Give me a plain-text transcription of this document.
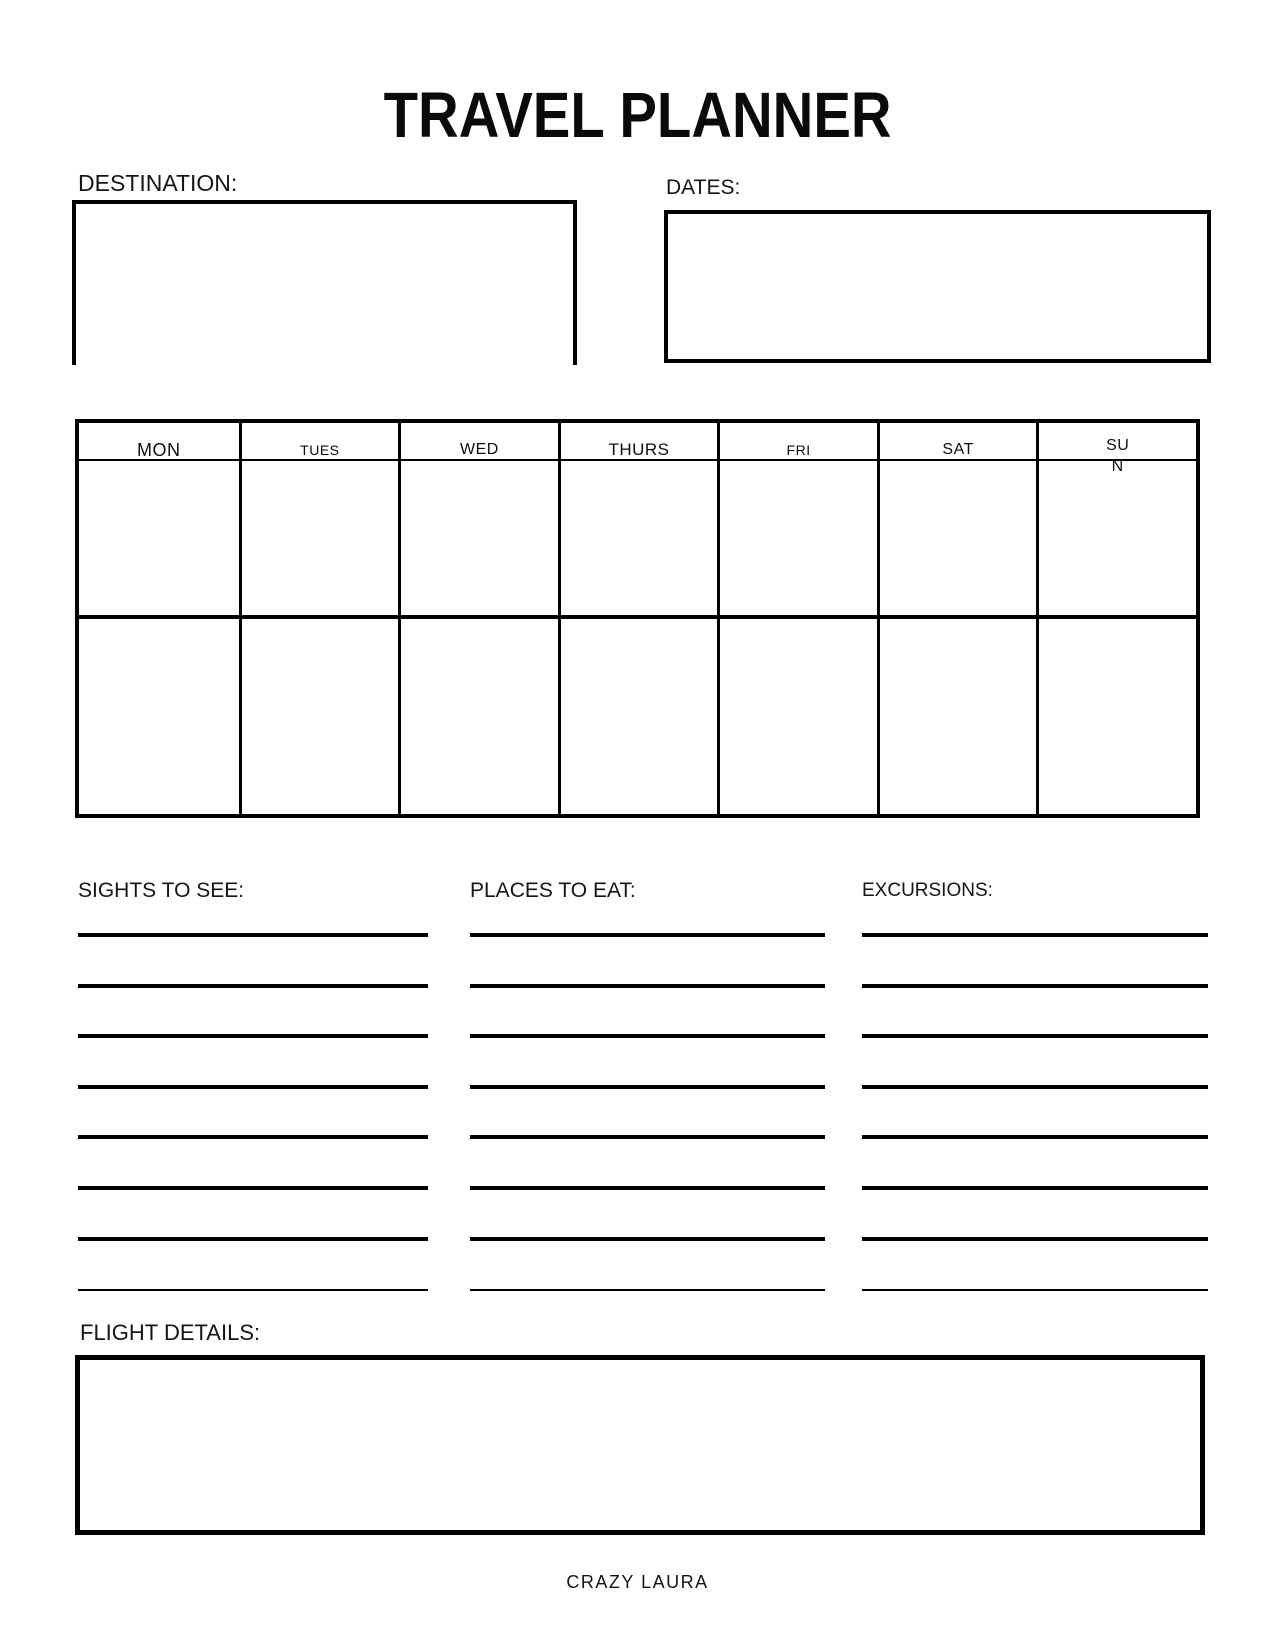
TRAVEL PLANNER
DESTINATION:	DATES:
MON	TUES	WED	THURS	FRI	SAT	SUN
SIGHTS TO SEE:	PLACES TO EAT:	EXCURSIONS:
FLIGHT DETAILS:
CRAZY LAURA
